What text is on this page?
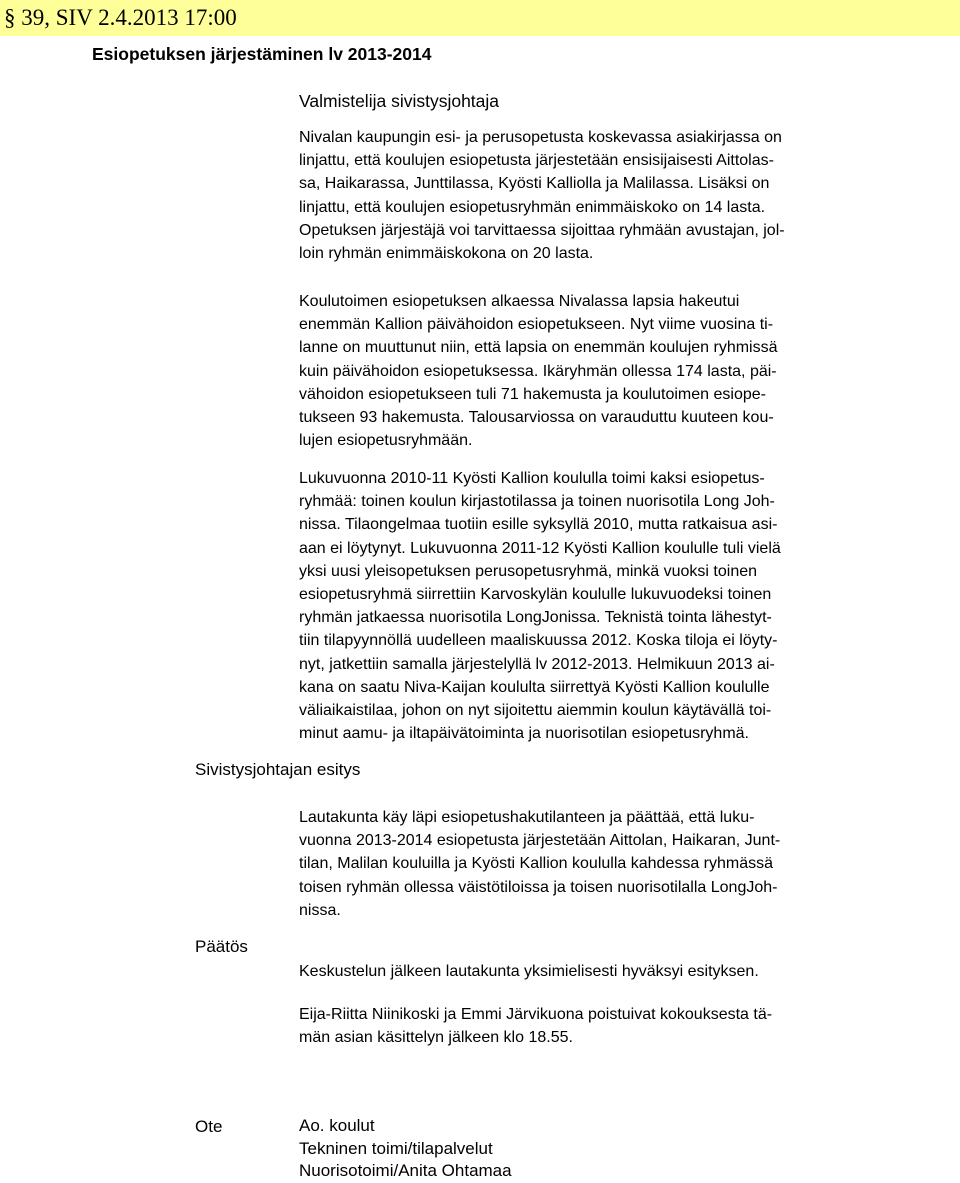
§ 39, SIV 2.4.2013 17:00
Esiopetuksen järjestäminen lv 2013-2014
Valmistelija sivistysjohtaja

Nivalan kaupungin esi- ja perusopetusta koskevassa asiakirjassa on
linjattu, että koulujen esiopetusta järjestetään ensisijaisesti Aittolas-
sa, Haikarassa, Junttilassa, Kyösti Kalliolla ja Malilassa. Lisäksi on
linjattu, että koulujen esiopetusryhmän enimmäiskoko on 14 lasta.
Opetuksen järjestäjä voi tarvittaessa sijoittaa ryhmään avustajan, jol-
loin ryhmän enimmäiskokona on 20 lasta.

Koulutoimen esiopetuksen alkaessa Nivalassa lapsia hakeutui
enemmän Kallion päivähoidon esiopetukseen. Nyt viime vuosina ti-
lanne on muuttunut niin, että lapsia on enemmän koulujen ryhmissä
kuin päivähoidon esiopetuksessa. Ikäryhmän ollessa 174 lasta, päi-
vähoidon esiopetukseen tuli 71 hakemusta ja koulutoimen esiope-
tukseen 93 hakemusta. Talousarviossa on varauduttu kuuteen kou-
lujen esiopetusryhmään.

Lukuvuonna 2010-11 Kyösti Kallion koululla toimi kaksi esiopetus-
ryhmää: toinen koulun kirjastotilassa ja toinen nuorisotila Long Joh-
nissa. Tilaongelmaa tuotiin esille syksyllä 2010, mutta ratkaisua asi-
aan ei löytynyt. Lukuvuonna 2011-12 Kyösti Kallion koululle tuli vielä
yksi uusi yleisopetuksen perusopetusryhmä, minkä vuoksi toinen
esiopetusryhmä siirrettiin Karvoskylän koululle lukuvuodeksi toinen
ryhmän jatkaessa nuorisotila LongJonissa. Teknistä tointa lähestyt-
tiin tilapyynnöllä uudelleen maaliskuussa 2012. Koska tiloja ei löyty-
nyt, jatkettiin samalla järjestelyllä lv 2012-2013. Helmikuun 2013 ai-
kana on saatu Niva-Kaijan koululta siirrettyä Kyösti Kallion koululle
väliaikaistilaa, johon on nyt sijoitettu aiemmin koulun käytävällä toi-
minut aamu- ja iltapäivätoiminta ja nuorisotilan esiopetusryhmä.

Sivistysjohtajan esitys

Lautakunta käy läpi esiopetushakutilanteen ja päättää, että luku-
vuonna 2013-2014 esiopetusta järjestetään Aittolan, Haikaran, Junt-
tilan, Malilan kouluilla ja Kyösti Kallion koululla kahdessa ryhmässä
toisen ryhmän ollessa väistötiloissa ja toisen nuorisotilalla LongJoh-
nissa.

Päätös

Keskustelun jälkeen lautakunta yksimielisesti hyväksyi esityksen.

Eija-Riitta Niinikoski ja Emmi Järvikuona poistuivat kokouksesta tä-
män asian käsittelyn jälkeen klo 18.55.

Ote	Ao. koulut
Tekninen toimi/tilapalvelut
Nuorisotoimi/Anita Ohtamaa
